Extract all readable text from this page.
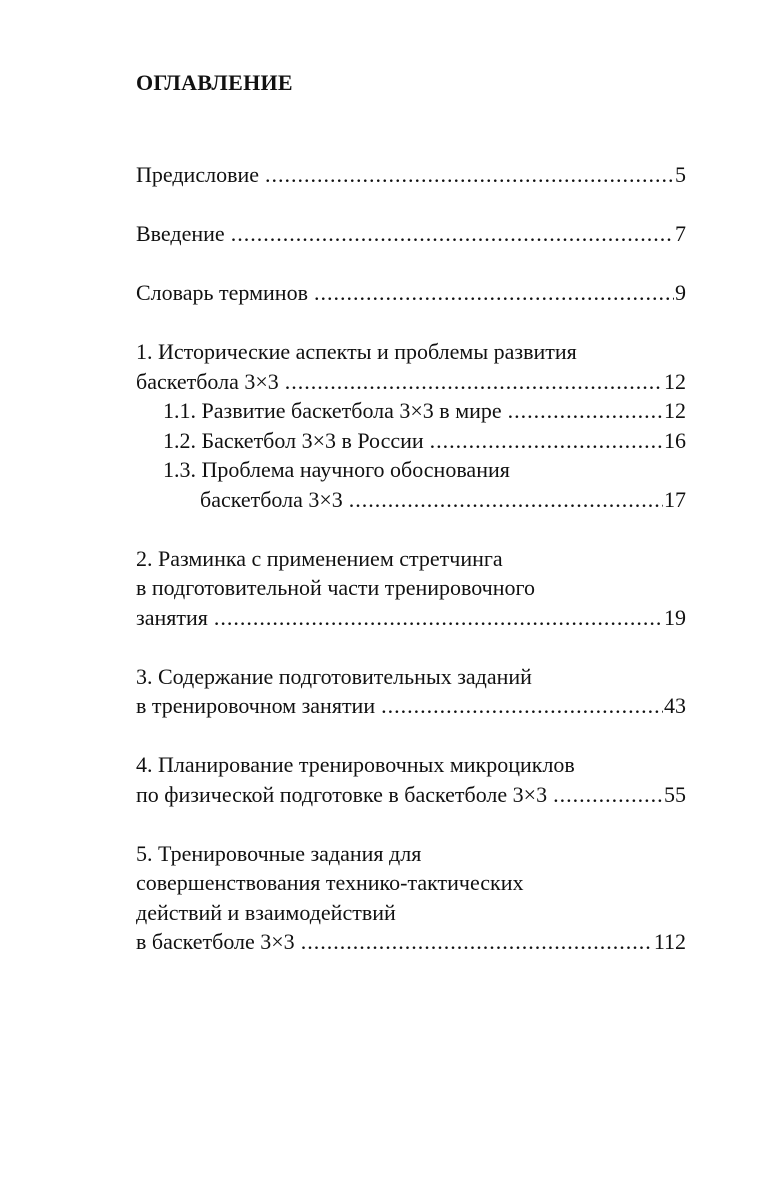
ОГЛАВЛЕНИЕ
Предисловие .....	5
Введение .....	7
Словарь терминов .....	9
1. Исторические аспекты и проблемы развития
баскетбола 3×3 .....	12
1.1. Развитие баскетбола 3×3 в мире .....	12
1.2. Баскетбол 3×3 в России .....	16
1.3. Проблема научного обоснования
баскетбола 3×3 .....	17
2. Разминка с применением стретчинга
в подготовительной части тренировочного
занятия .....	19
3. Содержание подготовительных заданий
в тренировочном занятии .....	43
4. Планирование тренировочных микроциклов
по физической подготовке в баскетболе 3×3 .....	55
5. Тренировочные задания для
совершенствования технико-тактических
действий и взаимодействий
в баскетболе 3×3 .....	112
